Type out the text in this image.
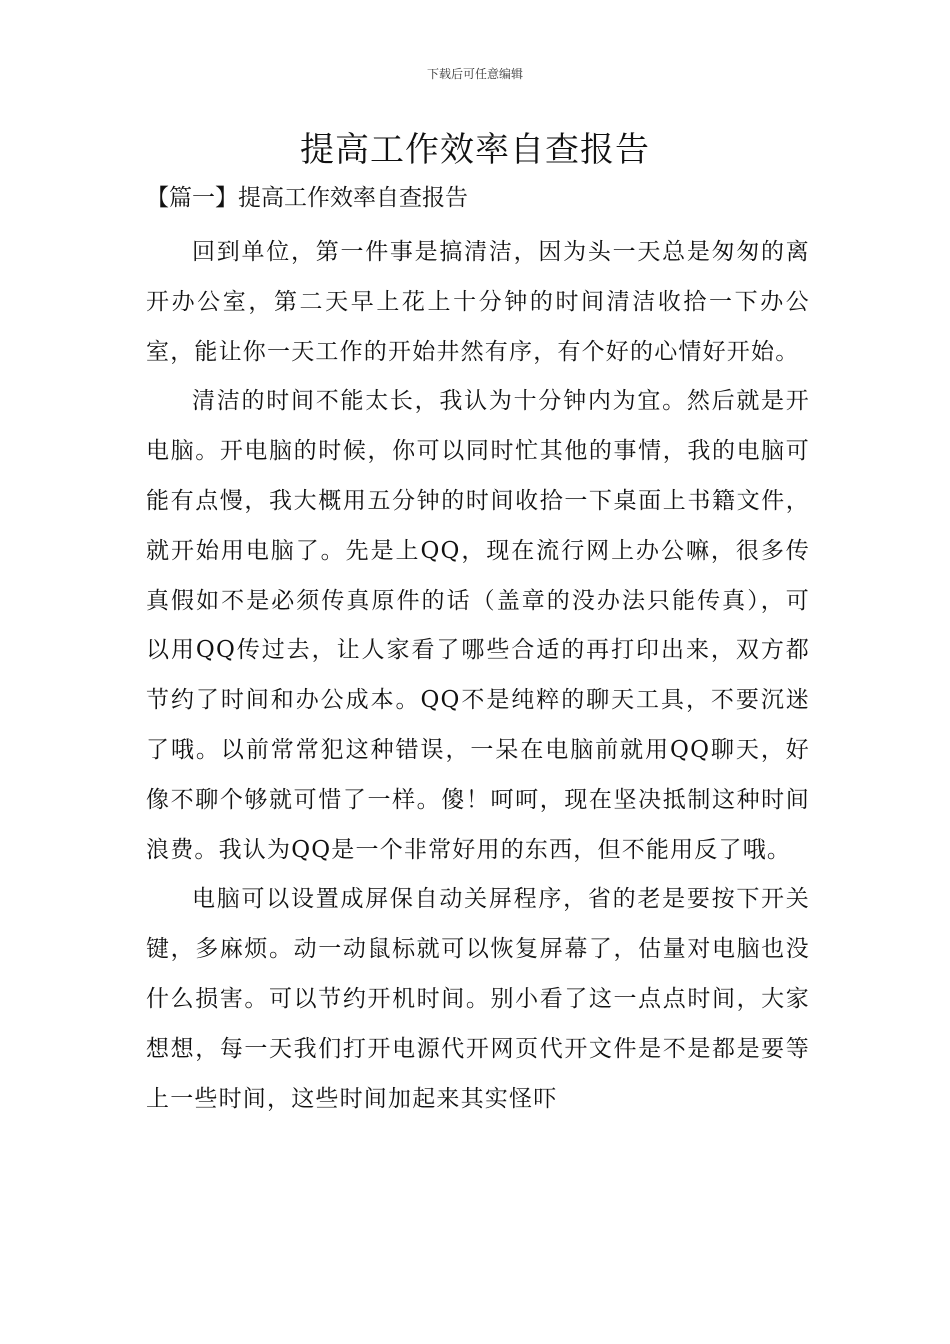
下载后可任意编辑
提高工作效率自查报告
【篇一】提高工作效率自查报告

回到单位，第一件事是搞清洁，因为头一天总是匆匆的离开办公室，第二天早上花上十分钟的时间清洁收拾一下办公室，能让你一天工作的开始井然有序，有个好的心情好开始。

清洁的时间不能太长，我认为十分钟内为宜。然后就是开电脑。开电脑的时候，你可以同时忙其他的事情，我的电脑可能有点慢，我大概用五分钟的时间收拾一下桌面上书籍文件，就开始用电脑了。先是上QQ，现在流行网上办公嘛，很多传真假如不是必须传真原件的话（盖章的没办法只能传真），可以用QQ传过去，让人家看了哪些合适的再打印出来，双方都节约了时间和办公成本。QQ不是纯粹的聊天工具，不要沉迷了哦。以前常常犯这种错误，一呆在电脑前就用QQ聊天，好像不聊个够就可惜了一样。傻！呵呵，现在坚决抵制这种时间浪费。我认为QQ是一个非常好用的东西，但不能用反了哦。

电脑可以设置成屏保自动关屏程序，省的老是要按下开关键，多麻烦。动一动鼠标就可以恢复屏幕了，估量对电脑也没什么损害。可以节约开机时间。别小看了这一点点时间，大家想想，每一天我们打开电源代开网页代开文件是不是都是要等上一些时间，这些时间加起来其实怪吓
